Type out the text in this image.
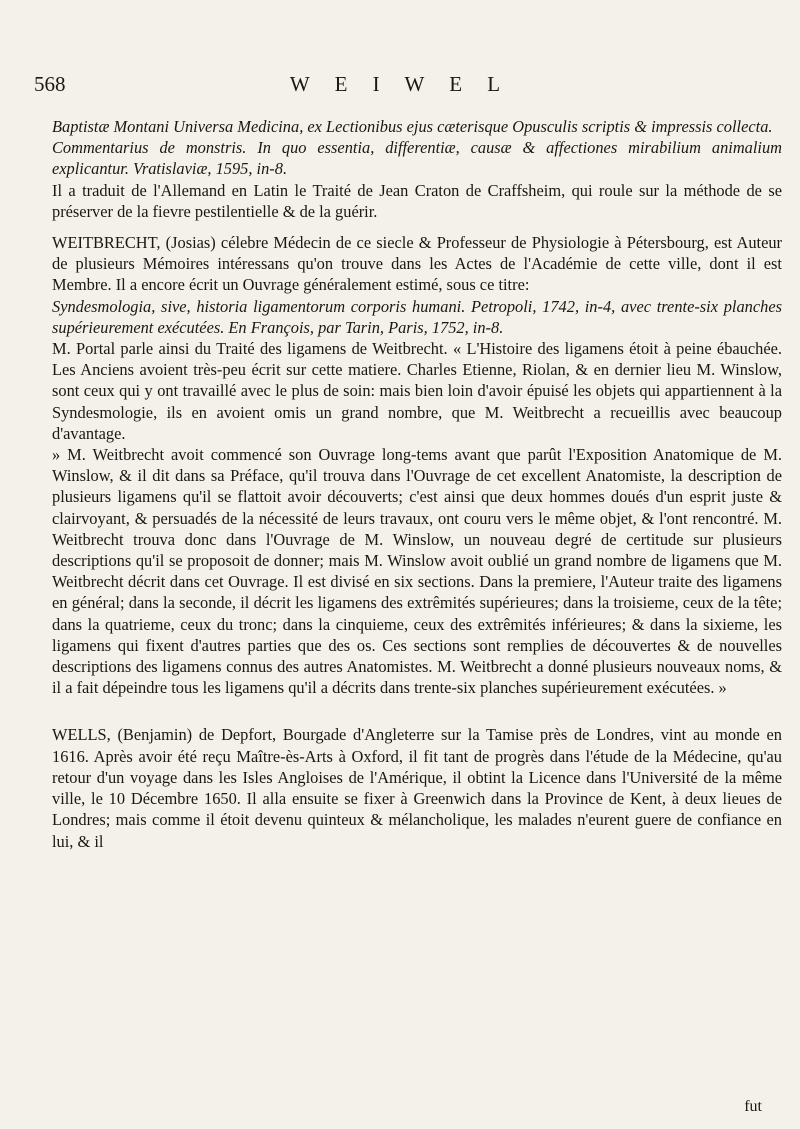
568	W E I W E L

Baptistæ Montani Universa Medicina, ex Lectionibus ejus cæterisque Opusculis scriptis & impressis collecta.

Commentarius de monstris. In quo essentia, differentiæ, causæ & affectiones mirabilium animalium explicantur. Vratislaviæ, 1595, in-8.

Il a traduit de l'Allemand en Latin le Traité de Jean Craton de Craffsheim, qui roule sur la méthode de se préserver de la fievre pestilentielle & de la guérir.

WEITBRECHT, (Josias) célebre Médecin de ce siecle & Professeur de Physiologie à Pétersbourg, est Auteur de plusieurs Mémoires intéressans qu'on trouve dans les Actes de l'Académie de cette ville, dont il est Membre. Il a encore écrit un Ouvrage généralement estimé, sous ce titre:

Syndesmologia, sive, historia ligamentorum corporis humani. Petropoli, 1742, in-4, avec trente-six planches supérieurement exécutées. En François, par Tarin, Paris, 1752, in-8.

M. Portal parle ainsi du Traité des ligamens de Weitbrecht. « L'Histoire des ligamens étoit à peine ébauchée. Les Anciens avoient très-peu écrit sur cette matiere. Charles Etienne, Riolan, & en dernier lieu M. Winslow, sont ceux qui y ont travaillé avec le plus de soin: mais bien loin d'avoir épuisé les objets qui appartiennent à la Syndesmologie, ils en avoient omis un grand nombre, que M. Weitbrecht a recueillis avec beaucoup d'avantage.

» M. Weitbrecht avoit commencé son Ouvrage long-tems avant que parût l'Exposition Anatomique de M. Winslow, & il dit dans sa Préface, qu'il trouva dans l'Ouvrage de cet excellent Anatomiste, la description de plusieurs ligamens qu'il se flattoit avoir découverts; c'est ainsi que deux hommes doués d'un esprit juste & clairvoyant, & persuadés de la nécessité de leurs travaux, ont couru vers le même objet, & l'ont rencontré. M. Weitbrecht trouva donc dans l'Ouvrage de M. Winslow, un nouveau degré de certitude sur plusieurs descriptions qu'il se proposoit de donner; mais M. Winslow avoit oublié un grand nombre de ligamens que M. Weitbrecht décrit dans cet Ouvrage. Il est divisé en six sections. Dans la premiere, l'Auteur traite des ligamens en général; dans la seconde, il décrit les ligamens des extrêmités supérieures; dans la troisieme, ceux de la tête; dans la quatrieme, ceux du tronc; dans la cinquieme, ceux des extrêmités inférieures; & dans la sixieme, les ligamens qui fixent d'autres parties que des os. Ces sections sont remplies de découvertes & de nouvelles descriptions des ligamens connus des autres Anatomistes. M. Weitbrecht a donné plusieurs nouveaux noms, & il a fait dépeindre tous les ligamens qu'il a décrits dans trente-six planches supérieurement exécutées. »

WELLS, (Benjamin) de Depfort, Bourgade d'Angleterre sur la Tamise près de Londres, vint au monde en 1616. Après avoir été reçu Maître-ès-Arts à Oxford, il fit tant de progrès dans l'étude de la Médecine, qu'au retour d'un voyage dans les Isles Angloises de l'Amérique, il obtint la Licence dans l'Université de la même ville, le 10 Décembre 1650. Il alla ensuite se fixer à Greenwich dans la Province de Kent, à deux lieues de Londres; mais comme il étoit devenu quinteux & mélancholique, les malades n'eurent guere de confiance en lui, & il

fut
